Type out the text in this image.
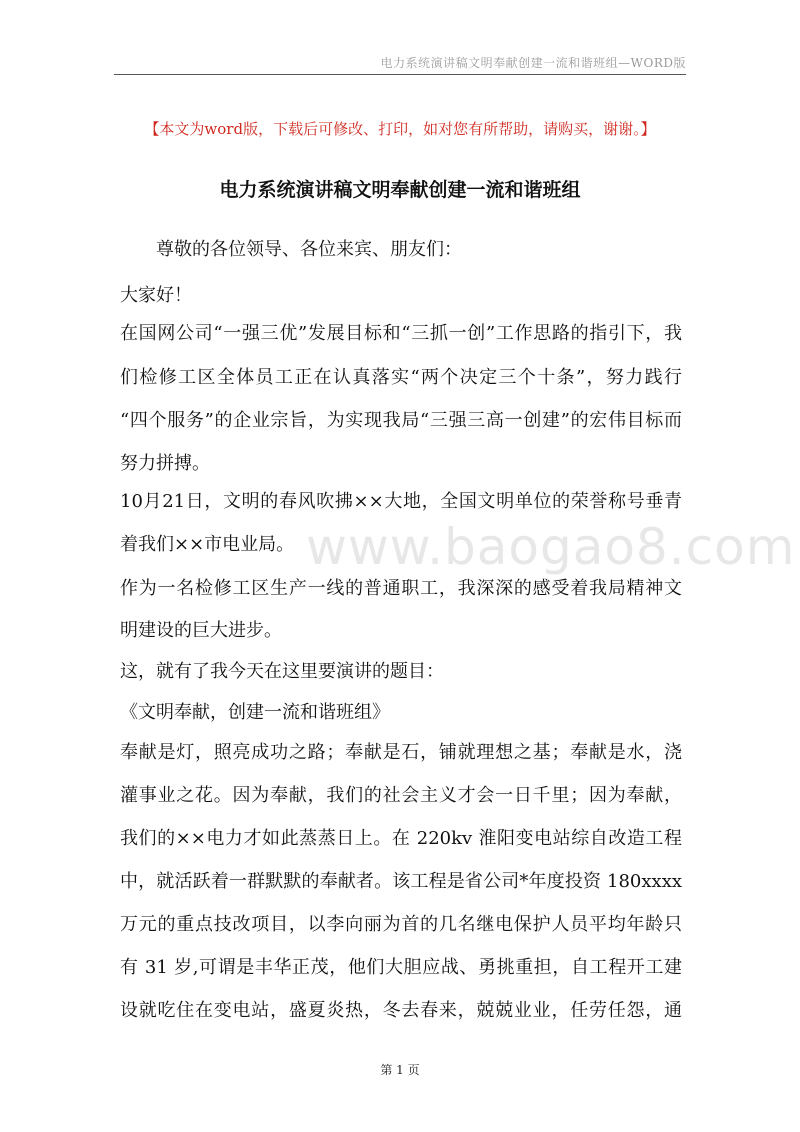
电力系统演讲稿文明奉献创建一流和谐班组—WORD版
【本文为word版，下载后可修改、打印，如对您有所帮助，请购买，谢谢。】
电力系统演讲稿文明奉献创建一流和谐班组
www.baogao8.com
　　尊敬的各位领导、各位来宾、朋友们：
大家好！
在国网公司“一强三优”发展目标和“三抓一创”工作思路的指引下，我
们检修工区全体员工正在认真落实“两个决定三个十条”，努力践行
“四个服务”的企业宗旨，为实现我局“三强三高一创建”的宏伟目标而
努力拼搏。
10月21日，文明的春风吹拂××大地，全国文明单位的荣誉称号垂青
着我们××市电业局。
作为一名检修工区生产一线的普通职工，我深深的感受着我局精神文
明建设的巨大进步。
这，就有了我今天在这里要演讲的题目：
《文明奉献，创建一流和谐班组》
奉献是灯，照亮成功之路；奉献是石，铺就理想之基；奉献是水，浇
灌事业之花。因为奉献，我们的社会主义才会一日千里；因为奉献，
我们的××电力才如此蒸蒸日上。在 220kv 淮阳变电站综自改造工程
中，就活跃着一群默默的奉献者。该工程是省公司*年度投资 180xxxx
万元的重点技改项目，以李向丽为首的几名继电保护人员平均年龄只
有 31 岁,可谓是丰华正茂，他们大胆应战、勇挑重担，自工程开工建
设就吃住在变电站，盛夏炎热，冬去春来，兢兢业业，任劳任怨，通
第 1 页
